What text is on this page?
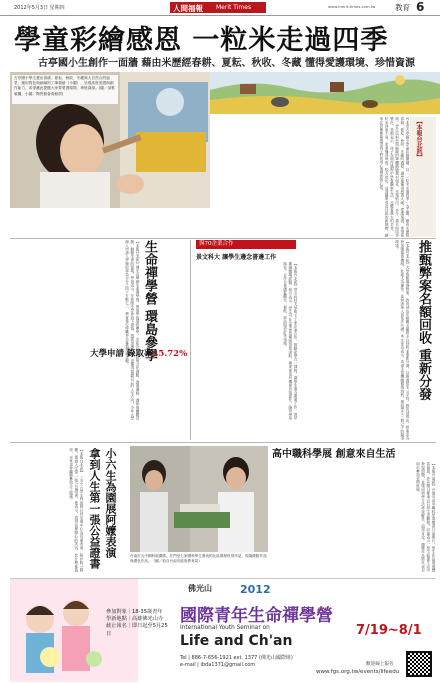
2012年5月3日 星期四	人間福報 Merit Times	www.merit-times.com.tw	教育 6
學童彩繪感恩 一粒米走過四季
古亭國小生創作一面牆 藉由米歷經春耕、夏耘、秋收、冬藏 懂得愛護環境、珍惜資源
古亭國小學生畫出春耕、夏耘、秋收、冬藏與大自然合的風景，運用對色與細緻的工筆描繪（小圖），呈現高度美感與創作能力，希望藉此提醒大家要愛護環境、珍惜資源。(圖／邱惟敏攝，小圖／陶瓷藝會會館供)
台北市古亭國小學童彩繪圍牆，以「一粒米走過四季」為主題，藉由米歷經春耕、夏耘、秋收、冬藏的過程，讓學童懂得感恩大地、愛護環境、珍惜資源。學生以對色與細緻的筆觸描繪農村風光，呈現稻田、水牛、農夫與四季變化，老師表示，孩子在創作過程中學會觀察生活，也體會農夫的辛勞，一粒米得來不易，更要懂得珍惜。校方指出，這面牆將成為社區的新地標，讓來往民眾都能感受孩子們的用心與感恩的心意。	【本報台北訊】
【本報台北訊】佛光山舉辦生命禪學營，帶領學員環島參學，走訪各地寺院與文化據點，透過禪修、講座與團體活動，體驗生命的意義。學員表示，在營隊中學會放下煩惱、感恩身邊的人，更懂得規劃自己的人生方向。今年大學個人申請入學錄取率為百分之四十五點七二，教育單位呼籲考生審慎選填志願。 生命禪學營 環島參學
大學申請 錄取率45.72%
與70企業合作
景文科大 讓學生邊念書邊工作
【本報台北訊】景文科技大學與七十家企業合作，推動產學合一課程，讓學生邊念書邊工作，提早累積職場經驗。校方表示，學生可在企業實習期間領取津貼，畢業後也有機會直接留任，縮短學用落差。合作企業涵蓋觀光、餐飲、資訊與設計等領域。	【本報台北訊】大學推甄爆發弊案，教育部宣布相關名額將予以回收並重新分發，以維護招生公平性。教育部指出，將要求各校加強審查機制，杜絕人為操作，並對涉案人員依法究辦。考生家長表示，希望主管機關徹查到底，還給學生一個公平的競爭環境。	推甄弊案名額回收 重新分發
高中職科學展 創意來自生活
台南市五中國科展優勝，在門至七家國科學生發表的社區環保科別作品，現場優勝作品與優良作品。（圖／取自台南市政府教育局）	【本報台南訊】台南市高中職科學展覽會日前舉行，學生作品展現豐富創意，許多題目都來自日常生活觀察。評審表示，學生能從生活中發現問題，並運用科學方法尋找解答，值得肯定。優勝作品將代表台南市參加全國科展。
小六生為園展阿嬤表演 拿到人生第一張公益證書
【本報台北訊】一名小六學生利用假日到安養中心為長輩表演，陪伴阿公阿嬤，獲頒人生第一張公益證書。他表示，看到長輩開心的笑容，比什麼都值得，未來也會繼續參與志工服務。
參加對象｜18-35歲青年
學新地點｜高雄佛光山寺
截止報名｜即日起至5月25日
佛光山	2012
國際青年生命禪學營
International Youth Seminar on
Life and Ch'an
7/19~8/1
Tel | 886-7-656-1921 ext. 1377 (佛光山國際組)
e-mail | ibda1371@gmail.com
www.fgs.org.tw/events/lifeedu
歡迎線上報名
